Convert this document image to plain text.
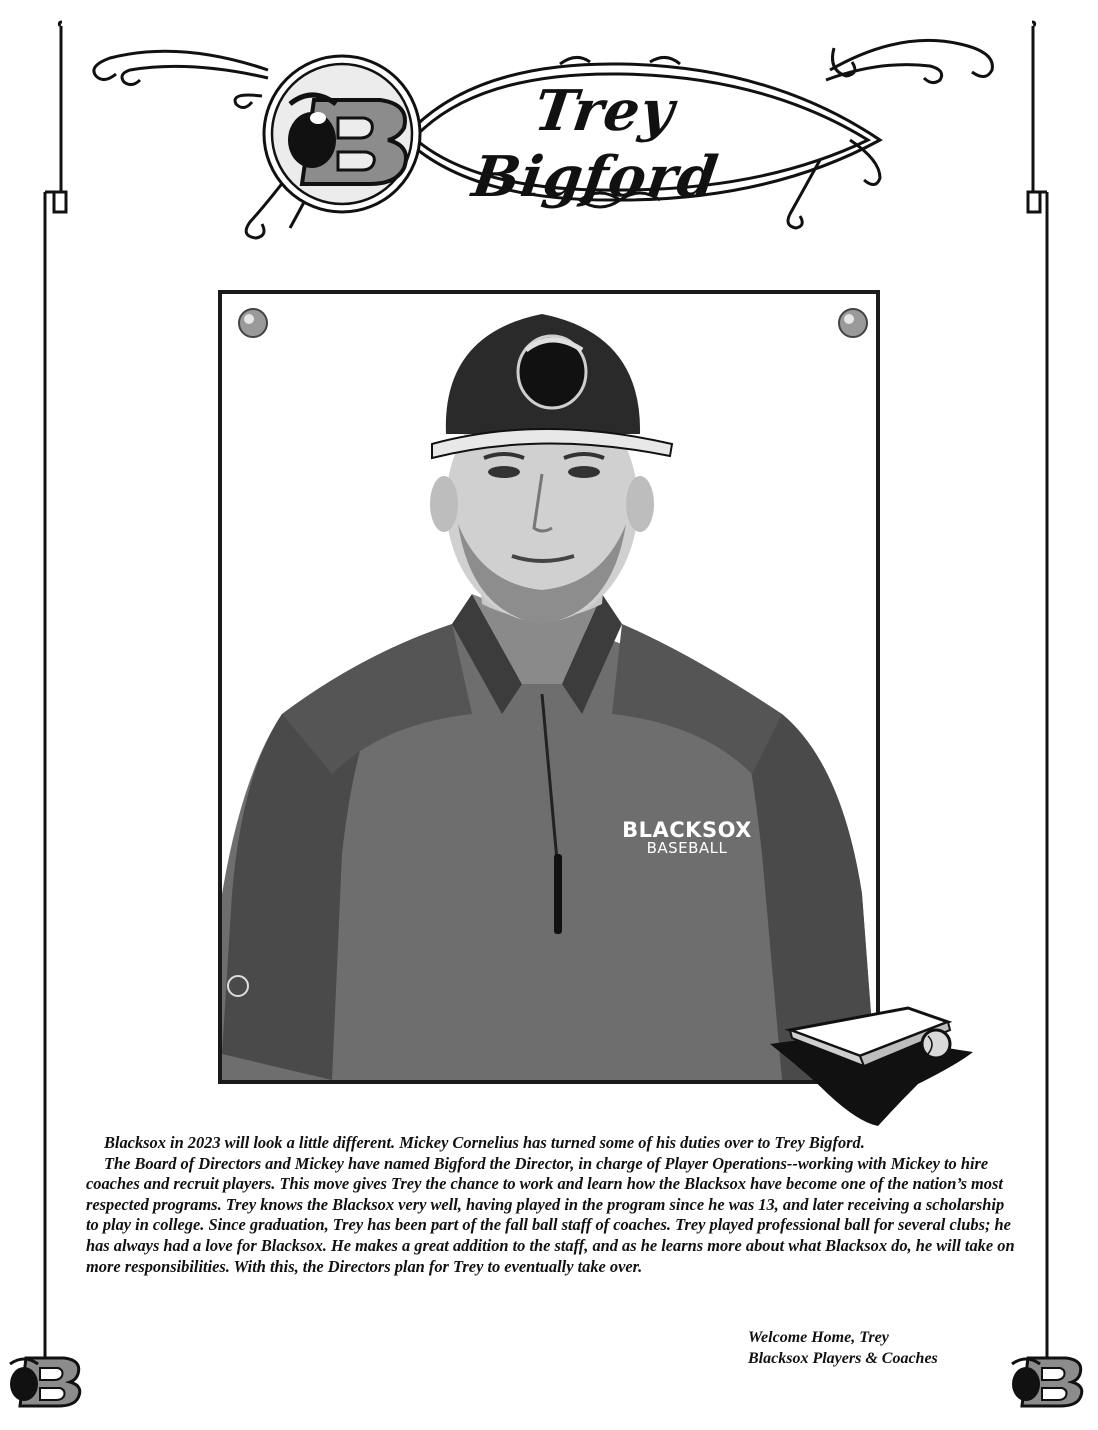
Trey Bigford
BLACKSOX
BASEBALL

Blacksox in 2023 will look a little different. Mickey Cornelius has turned some of his duties over to Trey Bigford.

The Board of Directors and Mickey have named Bigford the Director, in charge of Player Operations--working with Mickey to hire coaches and recruit players. This move gives Trey the chance to work and learn how the Blacksox have become one of the nation’s most respected programs. Trey knows the Blacksox very well, having played in the program since he was 13, and later receiving a scholarship to play in college. Since graduation, Trey has been part of the fall ball staff of coaches. Trey played professional ball for several clubs; he has always had a love for Blacksox. He makes a great addition to the staff, and as he learns more about what Blacksox do, he will take on more responsibilities. With this, the Directors plan for Trey to eventually take over.

Welcome Home, Trey
Blacksox Players & Coaches
